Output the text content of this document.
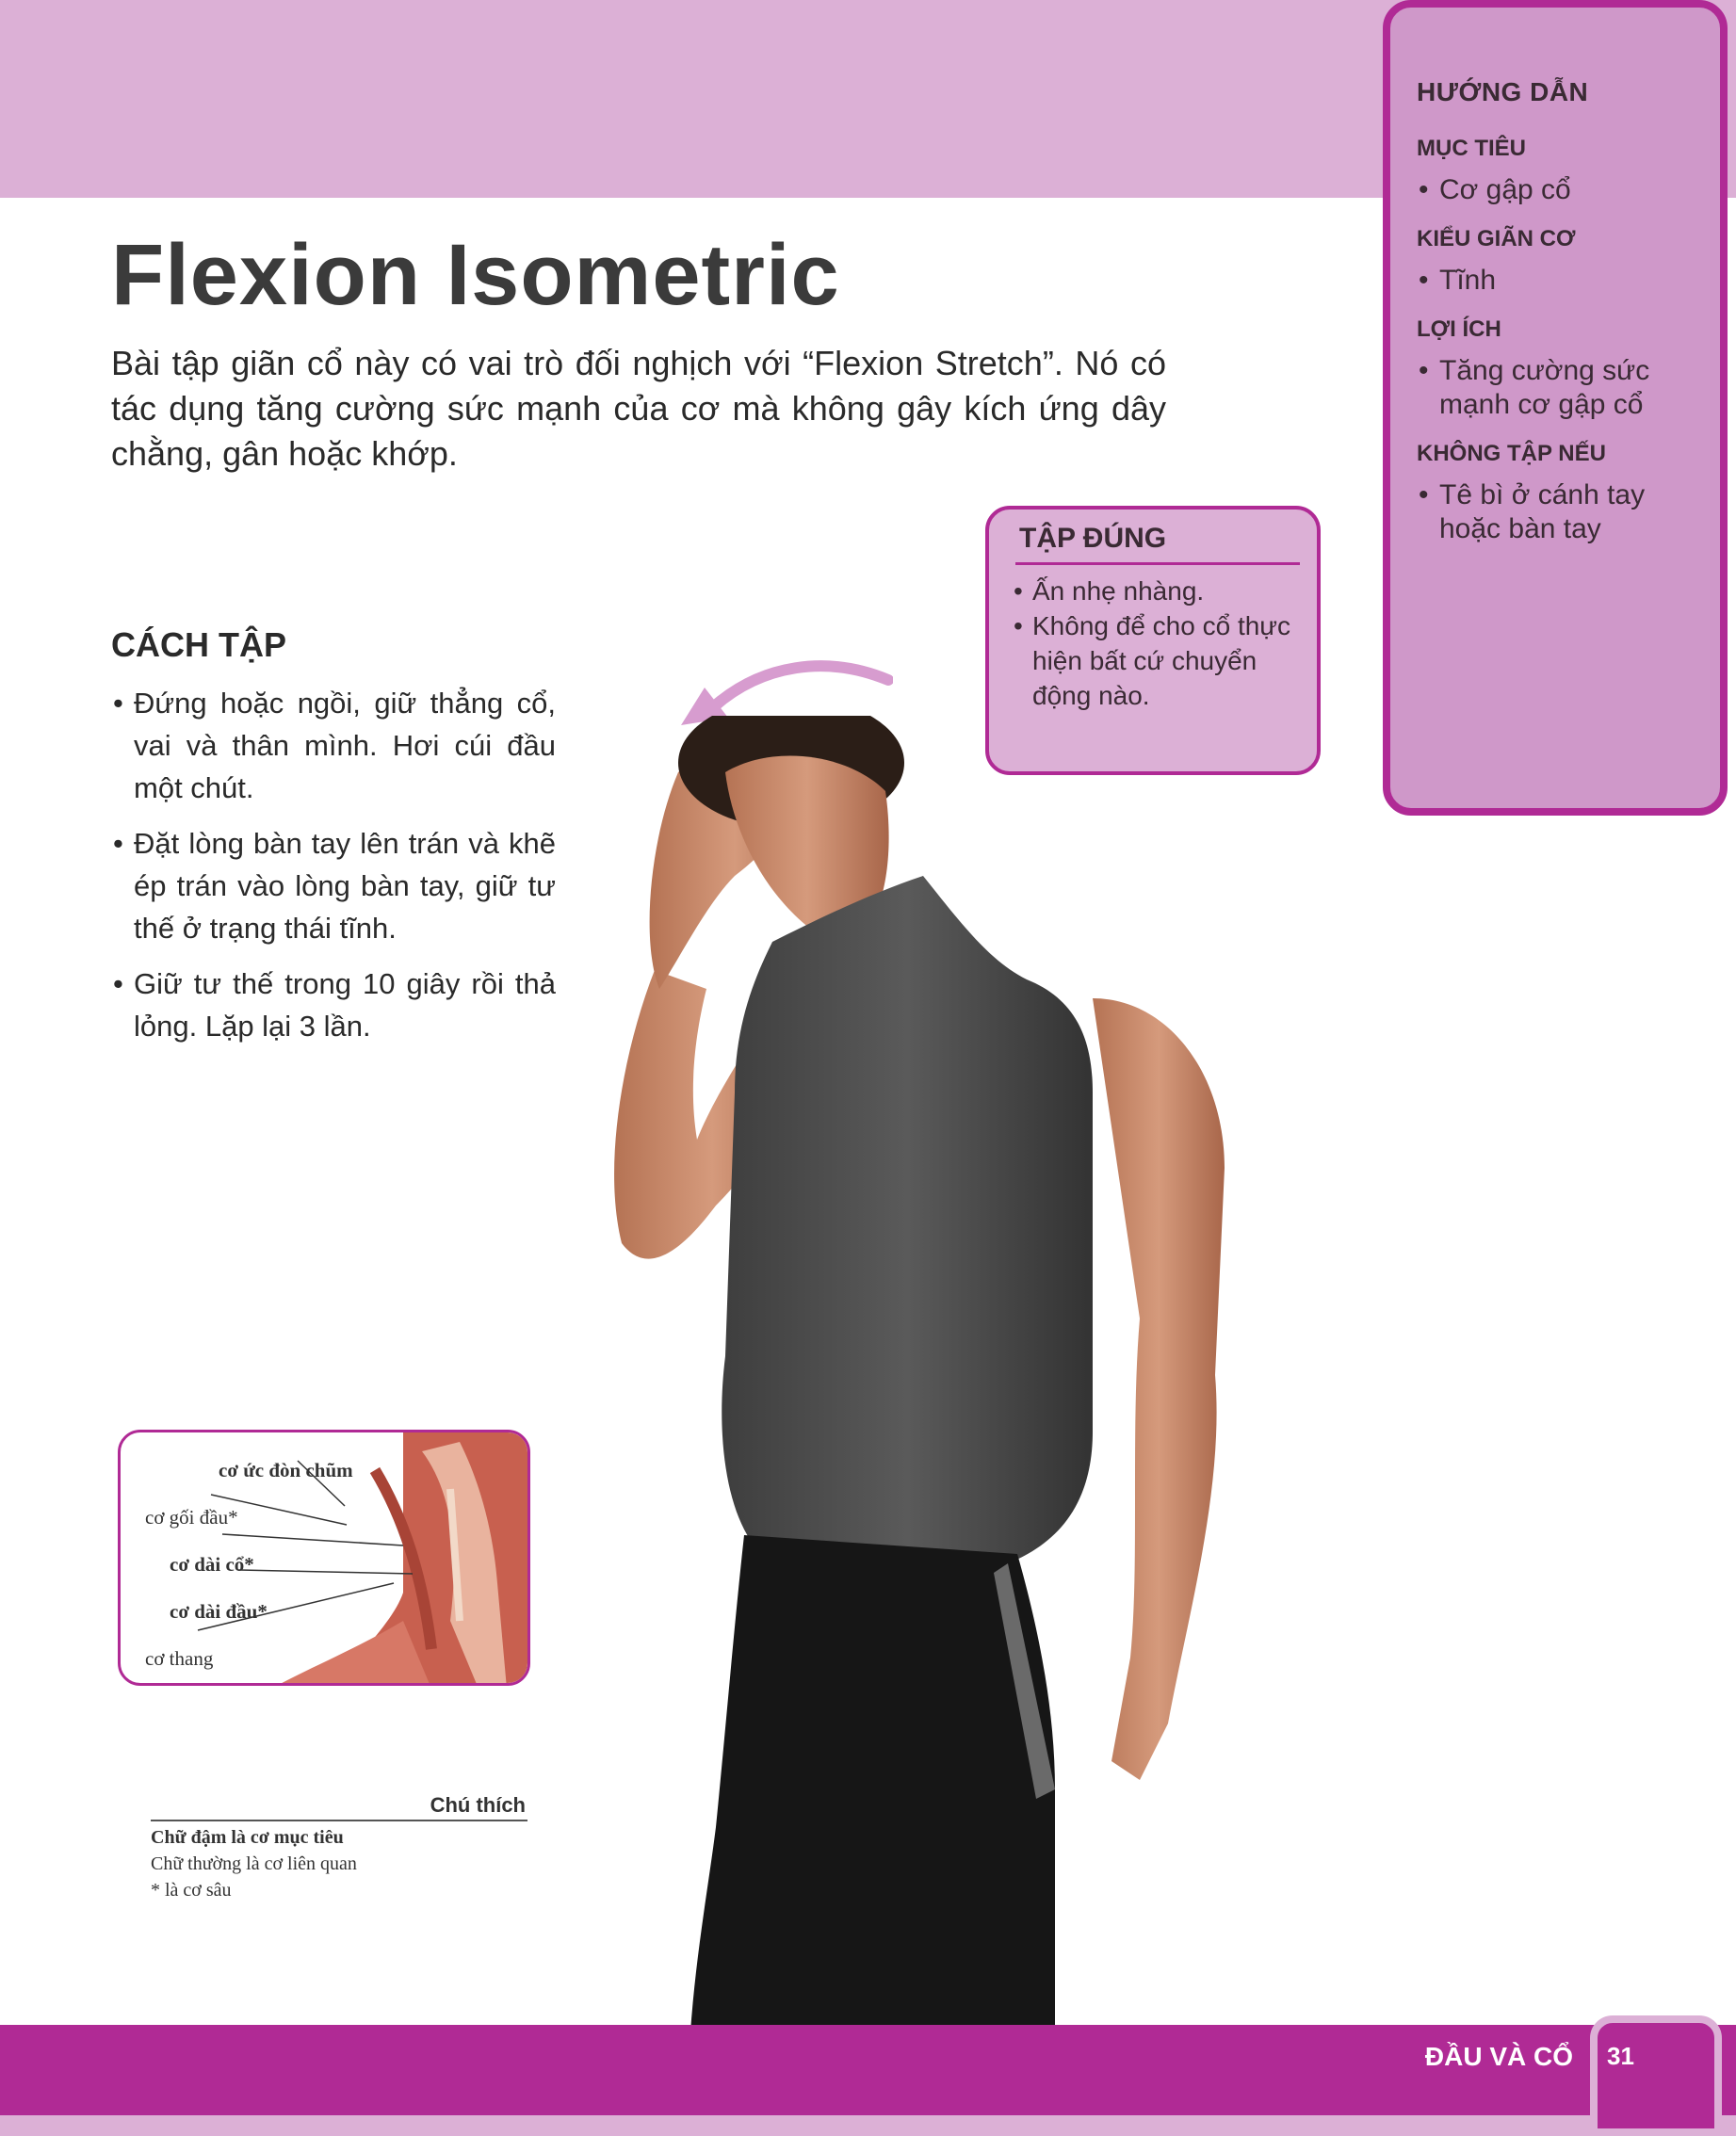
HƯỚNG DẪN
MỤC TIÊU
• Cơ gập cổ
KIỂU GIÃN CƠ
• Tĩnh
LỢI ÍCH
• Tăng cường sức mạnh cơ gập cổ
KHÔNG TẬP NẾU
• Tê bì ở cánh tay hoặc bàn tay
Flexion Isometric

Bài tập giãn cổ này có vai trò đối nghịch với “Flexion Stretch”. Nó có tác dụng tăng cường sức mạnh của cơ mà không gây kích ứng dây chằng, gân hoặc khớp.

TẬP ĐÚNG
• Ấn nhẹ nhàng.
• Không để cho cổ thực hiện bất cứ chuyển động nào.
CÁCH TẬP
• Đứng hoặc ngồi, giữ thẳng cổ, vai và thân mình. Hơi cúi đầu một chút.
• Đặt lòng bàn tay lên trán và khẽ ép trán vào lòng bàn tay, giữ tư thế ở trạng thái tĩnh.
• Giữ tư thế trong 10 giây rồi thả lỏng. Lặp lại 3 lần.
cơ ức đòn chũm
cơ gối đầu*
cơ dài cổ*
cơ dài đầu*
cơ thang
Chú thích
Chữ đậm là cơ mục tiêu
Chữ thường là cơ liên quan
* là cơ sâu
ĐẦU VÀ CỔ 31
